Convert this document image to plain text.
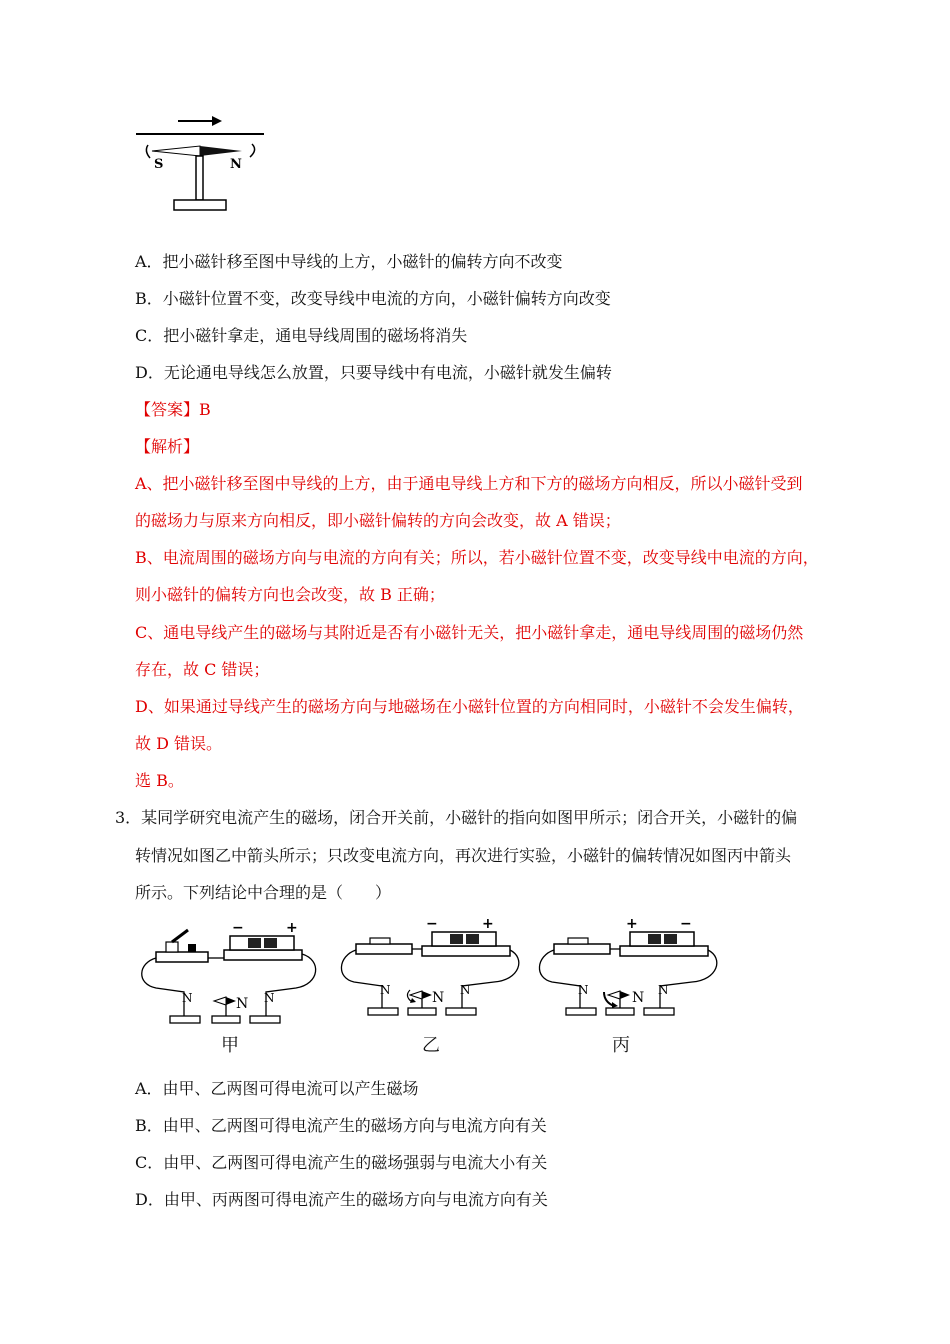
S	N
A．把小磁针移至图中导线的上方，小磁针的偏转方向不改变
B．小磁针位置不变，改变导线中电流的方向，小磁针偏转方向改变
C．把小磁针拿走，通电导线周围的磁场将消失
D．无论通电导线怎么放置，只要导线中有电流，小磁针就发生偏转
【答案】B
【解析】
A、把小磁针移至图中导线的上方，由于通电导线上方和下方的磁场方向相反，所以小磁针受到
的磁场力与原来方向相反，即小磁针偏转的方向会改变，故 A 错误；
B、电流周围的磁场方向与电流的方向有关；所以，若小磁针位置不变，改变导线中电流的方向，
则小磁针的偏转方向也会改变，故 B 正确；
C、通电导线产生的磁场与其附近是否有小磁针无关，把小磁针拿走，通电导线周围的磁场仍然
存在，故 C 错误；
D、如果通过导线产生的磁场方向与地磁场在小磁针位置的方向相同时，小磁针不会发生偏转，
故 D 错误。
选 B。
3．某同学研究电流产生的磁场，闭合开关前，小磁针的指向如图甲所示；闭合开关，小磁针的偏
转情况如图乙中箭头所示；只改变电流方向，再次进行实验，小磁针的偏转情况如图丙中箭头
所示。下列结论中合理的是（　　）
−	+
N
N	N
甲
−	+
N
N	N
乙
+	−
N
N	N
丙
A．由甲、乙两图可得电流可以产生磁场
B．由甲、乙两图可得电流产生的磁场方向与电流方向有关
C．由甲、乙两图可得电流产生的磁场强弱与电流大小有关
D．由甲、丙两图可得电流产生的磁场方向与电流方向有关
